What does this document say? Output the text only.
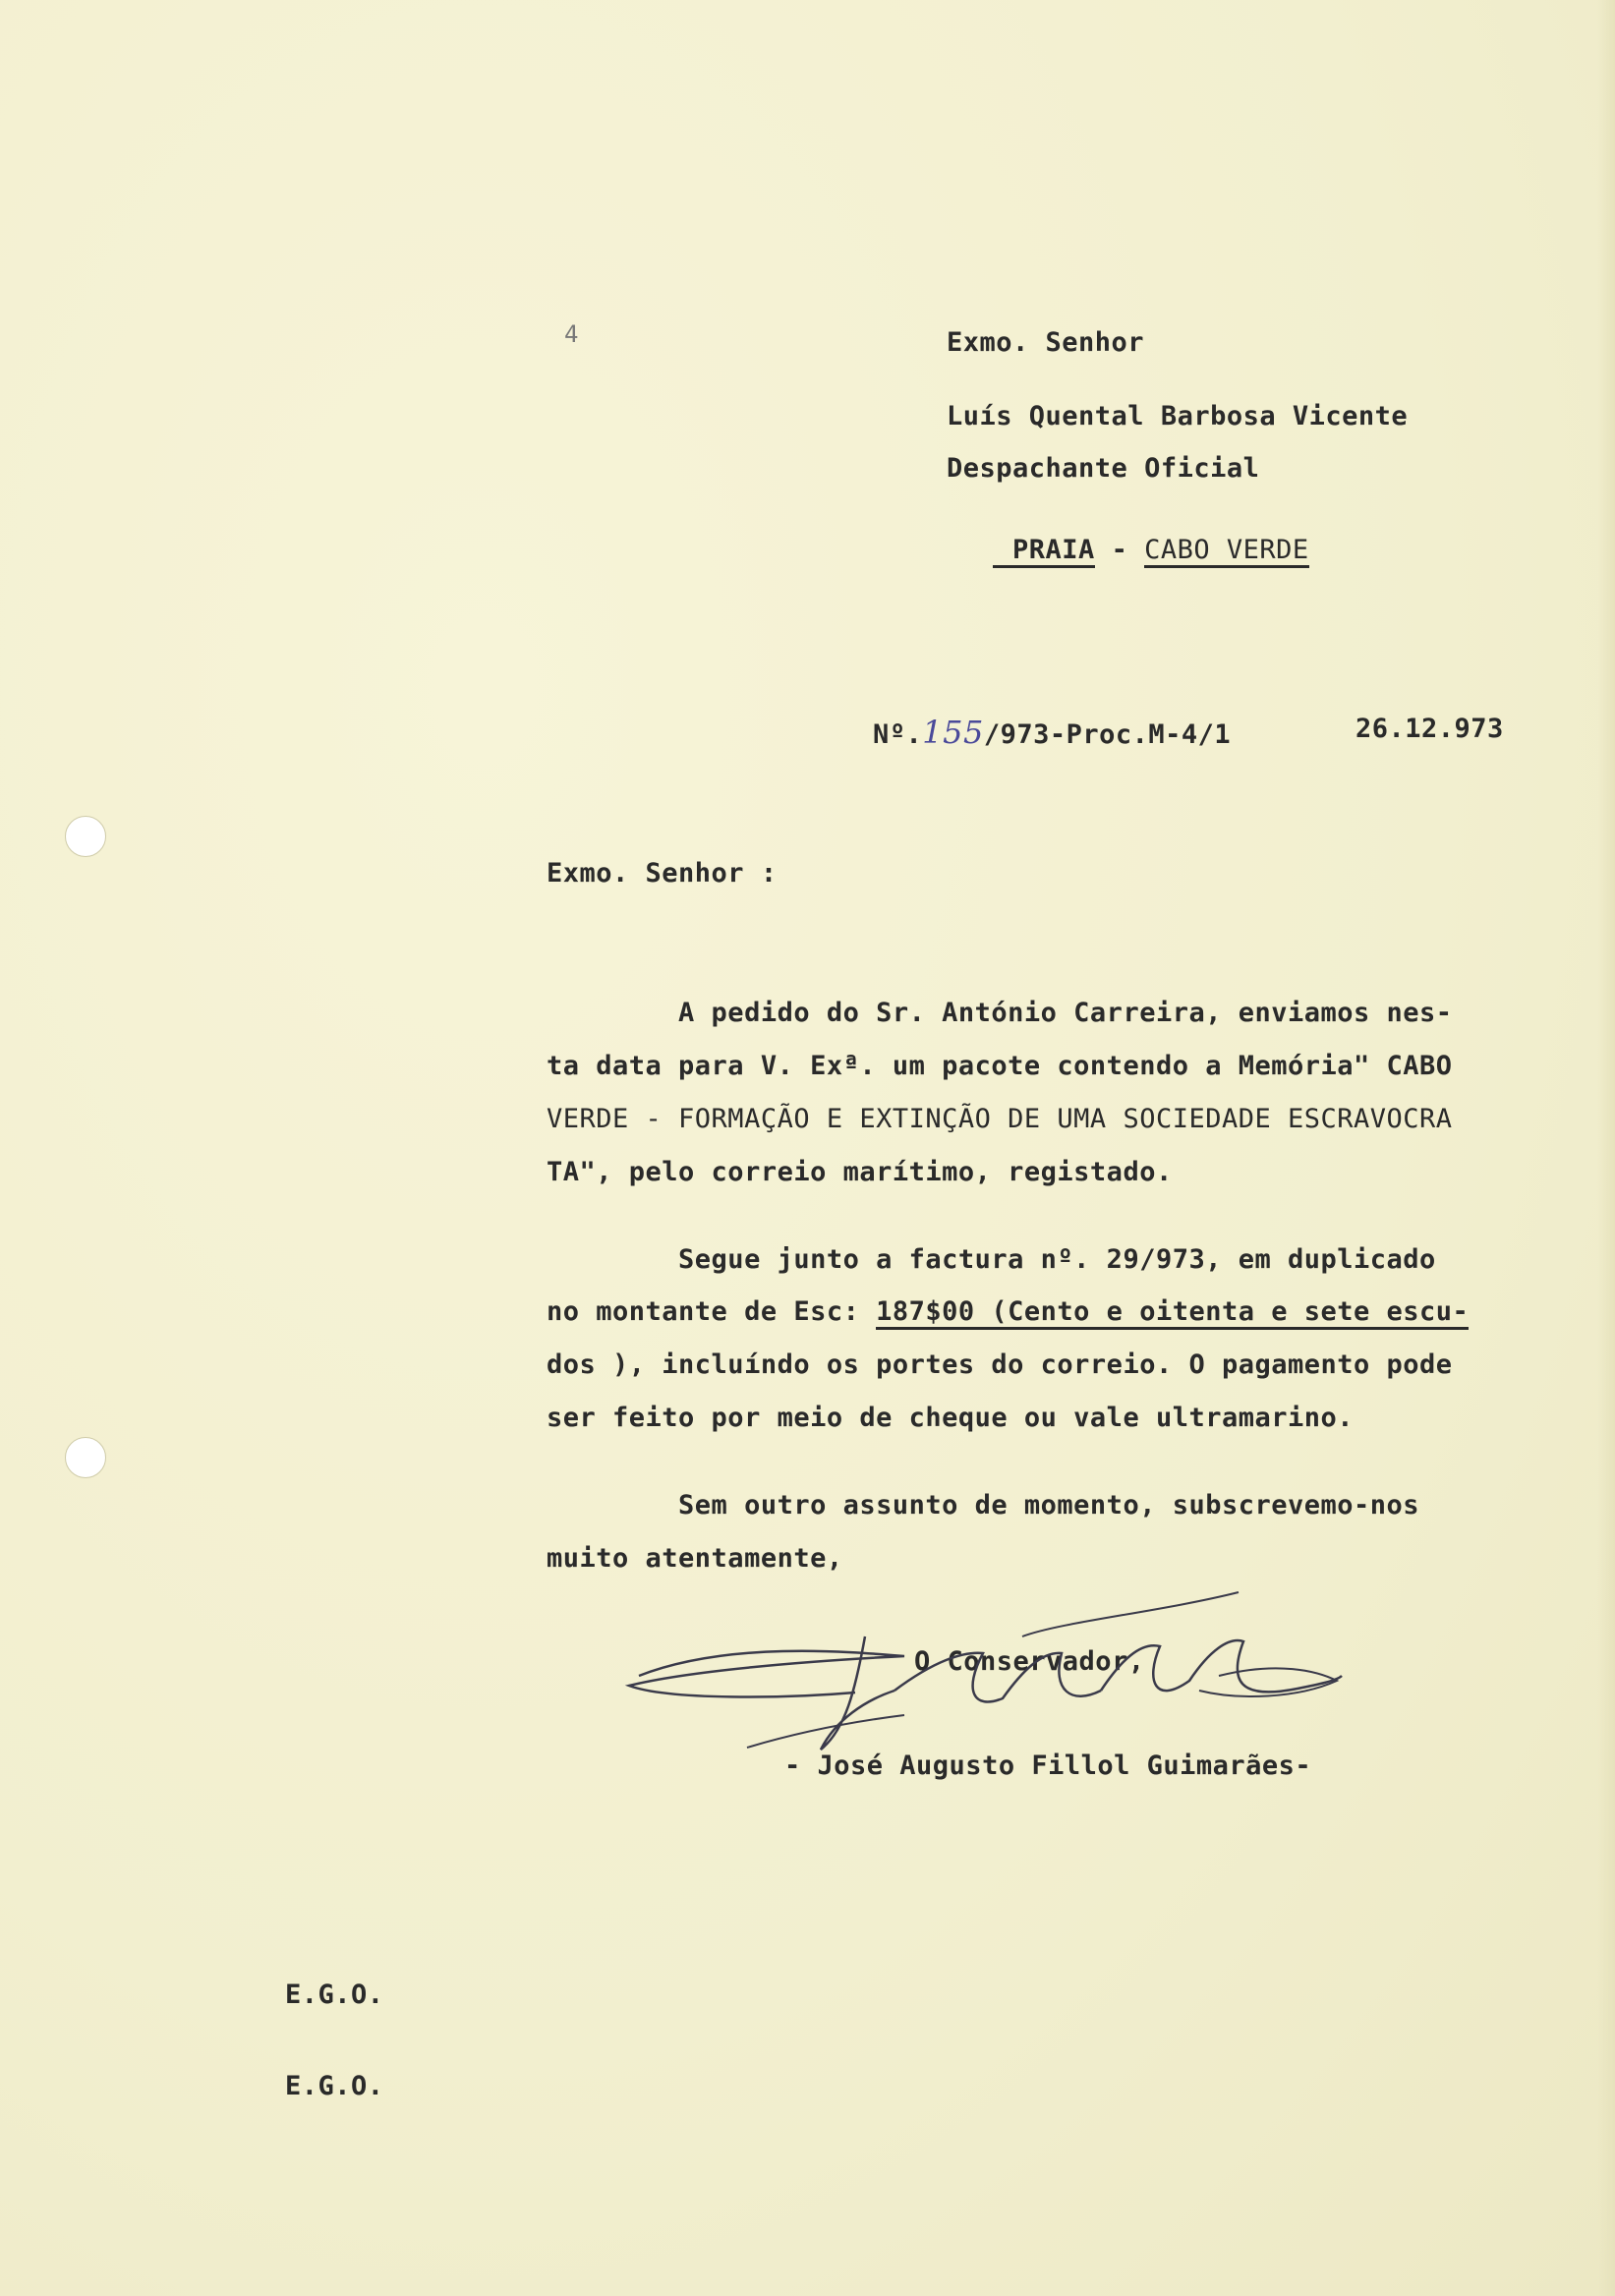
4	Exmo. Senhor
Luís Quental Barbosa Vicente
Despachante Oficial

PRAIA - CABO VERDE

Nº.155/973-Proc.M-4/1	26.12.973
Exmo. Senhor :
A pedido do Sr. António Carreira, enviamos nes-
ta data para V. Exª. um pacote contendo a Memória" CABO
VERDE - FORMAÇÃO E EXTINÇÃO DE UMA SOCIEDADE ESCRAVOCRA
TA", pelo correio marítimo, registado.
Segue junto a factura nº. 29/973, em duplicado
no montante de Esc: 187$00 (Cento e oitenta e sete escu-
dos ), incluíndo os portes do correio. O pagamento pode
ser feito por meio de cheque ou vale ultramarino.
Sem outro assunto de momento, subscrevemo-nos
muito atentamente,
O Conservador,
- José Augusto Fillol Guimarães-
E.G.O.
E.G.O.
